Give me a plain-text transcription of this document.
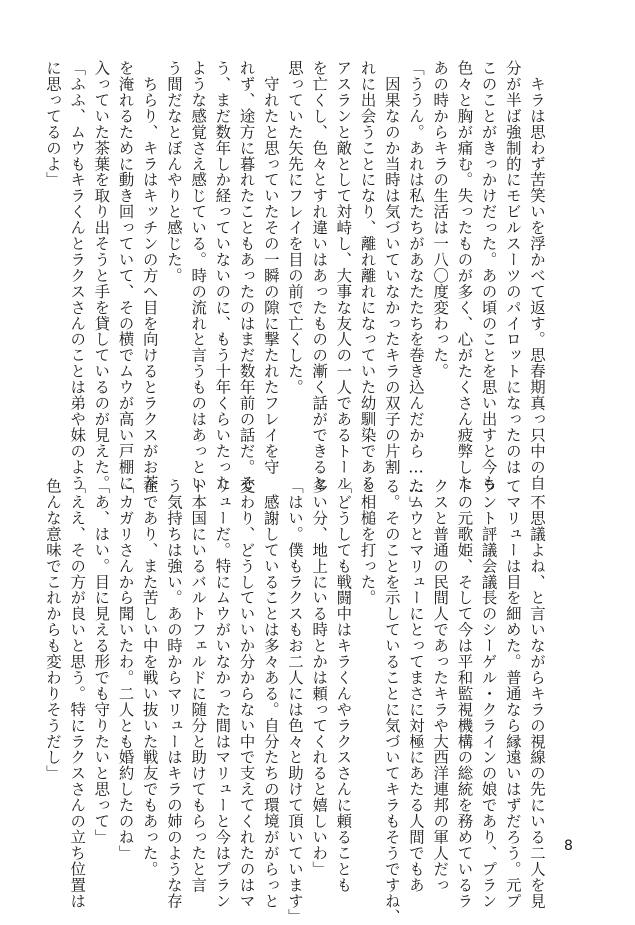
　キラは思わず苦笑いを浮かべて返す。思春期真っ只中の自
分が半ば強制的にモビルスーツのパイロットになったのは
このことがきっかけだった。あの頃のことを思い出すと今も
色々と胸が痛む。失ったものが多く、心がたくさん疲弊した
あの時からキラの生活は一八〇度変わった。
「ううん。あれは私たちがあなたたちを巻き込んだから……」
　因果なのか当時は気づいていなかったキラの双子の片割
れに出会うことになり、離れ離れになっていた幼馴染である
アスランと敵として対峙し、大事な友人の一人であるトール
を亡くし、色々とすれ違いはあったものの漸く話ができると
思っていた矢先にフレイを目の前で亡くした。
　守れたと思っていたその一瞬の隙に撃たれたフレイを守
れず、途方に暮れたこともあったのはまだ数年前の話だ。そ
う、まだ数年しか経っていないのに、もう十年くらいたった
ような感覚さえ感じている。時の流れと言うものはあっとい
う間だなとぼんやりと感じた。
　ちらり、キラはキッチンの方へ目を向けるとラクスがお茶
を淹れるために動き回っていて、その横でムウが高い戸棚に
入っていた茶葉を取り出そうと手を貸しているのが見えた。
「ふふ、ムウもキラくんとラクスさんのことは弟や妹のよう
に思ってるのよ」
　不思議よね、と言いながらキラの視線の先にいる二人を見
てマリューは目を細めた。普通なら縁遠いはずだろう。元プ
ラント評議会議長のシーゲル・クラインの娘であり、プラン
トの元歌姫、そして今は平和監視機構の総統を務めているラ
クスと普通の民間人であったキラや大西洋連邦の軍人だっ
たムウとマリューにとってまさに対極にあたる人間でもあ
る。そのことを示していることに気づいてキラもそうですね、
と相槌を打った。
「どうしても戦闘中はキラくんやラクスさんに頼ることも
多い分、地上にいる時とかは頼ってくれると嬉しいわ」
「はい。僕もラクスもお二人には色々と助けて頂いています」
　感謝していることは多々ある。自分たちの環境ががらっと
変わり、どうしていいか分からない中で支えてくれたのはマ
リューだ。特にムウがいなかった間はマリューと今はプラン
ト本国にいるバルトフェルドに随分と助けてもらったと言
う気持ちは強い。あの時からマリューはキラの姉のような存
在であり、また苦しい中を戦い抜いた戦友でもあった。
「カガリさんから聞いたわ。二人とも婚約したのね」
「あ、はい。目に見える形でも守りたいと思って」
「ええ、その方が良いと思う。特にラクスさんの立ち位置は
色んな意味でこれからも変わりそうだし」
8
